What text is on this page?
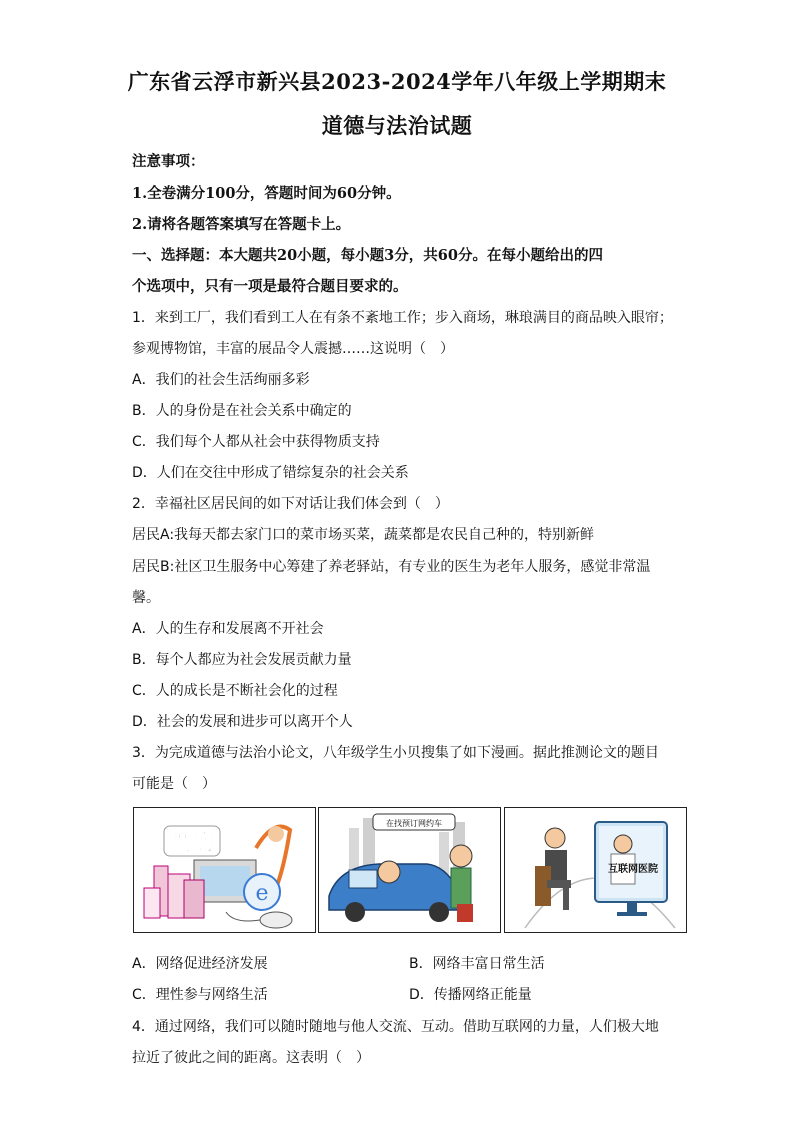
广东省云浮市新兴县2023-2024学年八年级上学期期末
道德与法治试题
注意事项：
1.全卷满分100分，答题时间为60分钟。
2.请将各题答案填写在答题卡上。
一、选择题：本大题共20小题，每小题3分，共60分。在每小题给出的四
个选项中，只有一项是最符合题目要求的。
1．来到工厂，我们看到工人在有条不紊地工作；步入商场，琳琅满目的商品映入眼帘；
参观博物馆，丰富的展品令人震撼……这说明（　）
A．我们的社会生活绚丽多彩
B．人的身份是在社会关系中确定的
C．我们每个人都从社会中获得物质支持
D．人们在交往中形成了错综复杂的社会关系
2．幸福社区居民间的如下对话让我们体会到（　）
居民A:我每天都去家门口的菜市场买菜，蔬菜都是农民自己种的，特别新鲜
居民B:社区卫生服务中心筹建了养老驿站，有专业的医生为老年人服务，感觉非常温
馨。
A．人的生存和发展离不开社会
B．每个人都应为社会发展贡献力量
C．人的成长是不断社会化的过程
D．社会的发展和进步可以离开个人
3．为完成道德与法治小论文，八年级学生小贝搜集了如下漫画。据此推测论文的题目
可能是（　）
e
网购
在找预订网约车
互联网医院
A．网络促进经济发展	B．网络丰富日常生活
C．理性参与网络生活	D．传播网络正能量
4．通过网络，我们可以随时随地与他人交流、互动。借助互联网的力量，人们极大地
拉近了彼此之间的距离。这表明（　）
